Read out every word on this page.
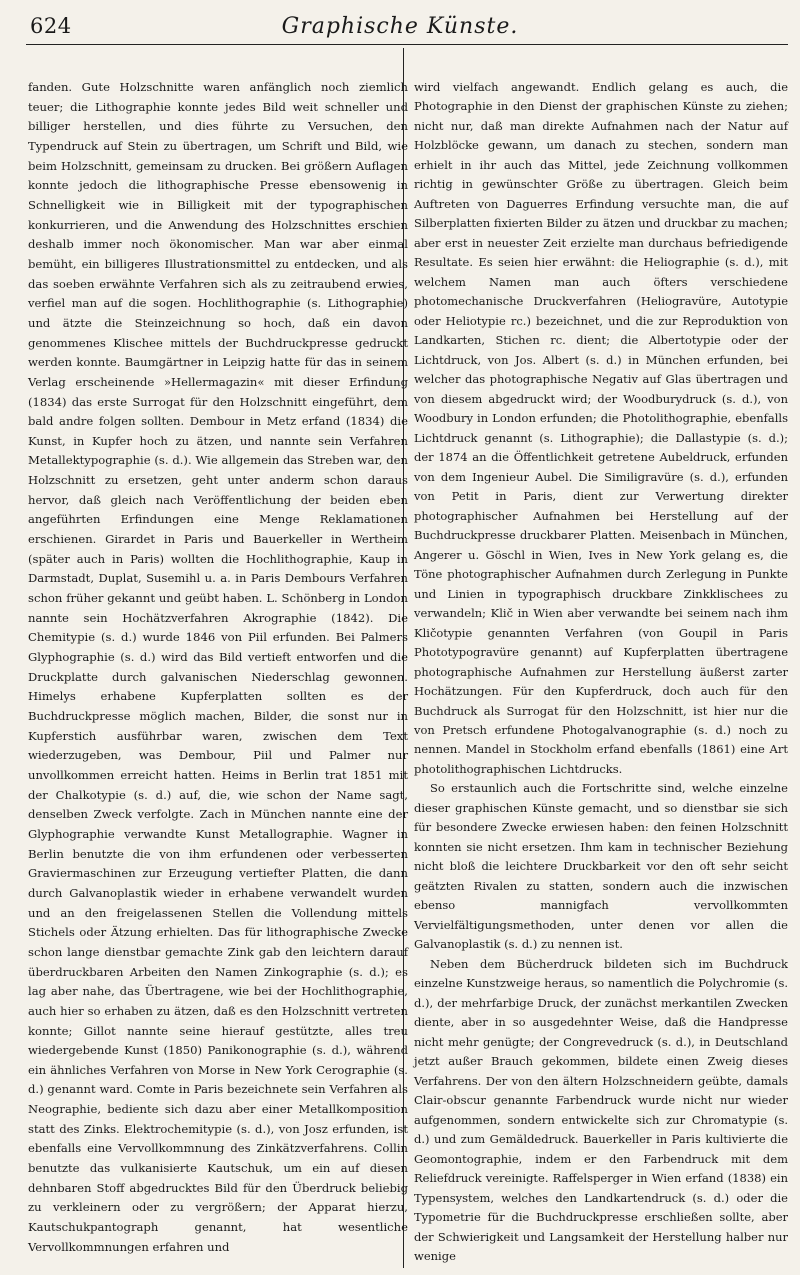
624	Graphische Künste.

fanden. Gute Holzschnitte waren anfänglich noch ziemlich teuer; die Lithographie konnte jedes Bild weit schneller und billiger herstellen, und dies führte zu Versuchen, den Typendruck auf Stein zu übertragen, um Schrift und Bild, wie beim Holzschnitt, gemeinsam zu drucken. Bei größern Auflagen konnte jedoch die lithographische Presse ebensowenig in Schnelligkeit wie in Billigkeit mit der typographischen konkurrieren, und die Anwendung des Holzschnittes erschien deshalb immer noch ökonomischer. Man war aber einmal bemüht, ein billigeres Illustrationsmittel zu entdecken, und als das soeben erwähnte Verfahren sich als zu zeitraubend erwies, verfiel man auf die sogen. Hochlithographie (s. Lithographie) und ätzte die Steinzeichnung so hoch, daß ein davon genommenes Klischee mittels der Buchdruckpresse gedruckt werden konnte. Baumgärtner in Leipzig hatte für das in seinem Verlag erscheinende »Hellermagazin« mit dieser Erfindung (1834) das erste Surrogat für den Holzschnitt eingeführt, dem bald andre folgen sollten. Dembour in Metz erfand (1834) die Kunst, in Kupfer hoch zu ätzen, und nannte sein Verfahren Metallektypographie (s. d.). Wie allgemein das Streben war, den Holzschnitt zu ersetzen, geht unter anderm schon daraus hervor, daß gleich nach Veröffentlichung der beiden eben angeführten Erfindungen eine Menge Reklamationen erschienen. Girardet in Paris und Bauerkeller in Wertheim (später auch in Paris) wollten die Hochlithographie, Kaup in Darmstadt, Duplat, Susemihl u. a. in Paris Dembours Verfahren schon früher gekannt und geübt haben. L. Schönberg in London nannte sein Hochätzverfahren Akrographie (1842). Die Chemitypie (s. d.) wurde 1846 von Piil erfunden. Bei Palmers Glyphographie (s. d.) wird das Bild vertieft entworfen und die Druckplatte durch galvanischen Niederschlag gewonnen. Himelys erhabene Kupferplatten sollten es der Buchdruckpresse möglich machen, Bilder, die sonst nur in Kupferstich ausführbar waren, zwischen dem Text wiederzugeben, was Dembour, Piil und Palmer nur unvollkommen erreicht hatten. Heims in Berlin trat 1851 mit der Chalkotypie (s. d.) auf, die, wie schon der Name sagt, denselben Zweck verfolgte. Zach in München nannte eine der Glyphographie verwandte Kunst Metallographie. Wagner in Berlin benutzte die von ihm erfundenen oder verbesserten Graviermaschinen zur Erzeugung vertiefter Platten, die dann durch Galvanoplastik wieder in erhabene verwandelt wurden und an den freigelassenen Stellen die Vollendung mittels Stichels oder Ätzung erhielten. Das für lithographische Zwecke schon lange dienstbar gemachte Zink gab den leichtern darauf überdruckbaren Arbeiten den Namen Zinkographie (s. d.); es lag aber nahe, das Übertragene, wie bei der Hochlithographie, auch hier so erhaben zu ätzen, daß es den Holzschnitt vertreten konnte; Gillot nannte seine hierauf gestützte, alles treu wiedergebende Kunst (1850) Panikonographie (s. d.), während ein ähnliches Verfahren von Morse in New York Cerographie (s. d.) genannt ward. Comte in Paris bezeichnete sein Verfahren als Neographie, bediente sich dazu aber einer Metallkomposition statt des Zinks. Elektrochemitypie (s. d.), von Josz erfunden, ist ebenfalls eine Vervollkommnung des Zinkätzverfahrens. Collin benutzte das vulkanisierte Kautschuk, um ein auf diesen dehnbaren Stoff abgedrucktes Bild für den Überdruck beliebig zu verkleinern oder zu vergrößern; der Apparat hierzu, Kautschukpantograph genannt, hat wesentliche Vervollkommnungen erfahren und

wird vielfach angewandt. Endlich gelang es auch, die Photographie in den Dienst der graphischen Künste zu ziehen; nicht nur, daß man direkte Aufnahmen nach der Natur auf Holzblöcke gewann, um danach zu stechen, sondern man erhielt in ihr auch das Mittel, jede Zeichnung vollkommen richtig in gewünschter Größe zu übertragen. Gleich beim Auftreten von Daguerres Erfindung versuchte man, die auf Silberplatten fixierten Bilder zu ätzen und druckbar zu machen; aber erst in neuester Zeit erzielte man durchaus befriedigende Resultate. Es seien hier erwähnt: die Heliographie (s. d.), mit welchem Namen man auch öfters verschiedene photomechanische Druckverfahren (Heliogravüre, Autotypie oder Heliotypie rc.) bezeichnet, und die zur Reproduktion von Landkarten, Stichen rc. dient; die Albertotypie oder der Lichtdruck, von Jos. Albert (s. d.) in München erfunden, bei welcher das photographische Negativ auf Glas übertragen und von diesem abgedruckt wird; der Woodburydruck (s. d.), von Woodbury in London erfunden; die Photolithographie, ebenfalls Lichtdruck genannt (s. Lithographie); die Dallastypie (s. d.); der 1874 an die Öffentlichkeit getretene Aubeldruck, erfunden von dem Ingenieur Aubel. Die Similigravüre (s. d.), erfunden von Petit in Paris, dient zur Verwertung direkter photographischer Aufnahmen bei Herstellung auf der Buchdruckpresse druckbarer Platten. Meisenbach in München, Angerer u. Göschl in Wien, Ives in New York gelang es, die Töne photographischer Aufnahmen durch Zerlegung in Punkte und Linien in typographisch druckbare Zinkklischees zu verwandeln; Klič in Wien aber verwandte bei seinem nach ihm Kličotypie genannten Verfahren (von Goupil in Paris Phototypogravüre genannt) auf Kupferplatten übertragene photographische Aufnahmen zur Herstellung äußerst zarter Hochätzungen. Für den Kupferdruck, doch auch für den Buchdruck als Surrogat für den Holzschnitt, ist hier nur die von Pretsch erfundene Photogalvanographie (s. d.) noch zu nennen. Mandel in Stockholm erfand ebenfalls (1861) eine Art photolithographischen Lichtdrucks.

So erstaunlich auch die Fortschritte sind, welche einzelne dieser graphischen Künste gemacht, und so dienstbar sie sich für besondere Zwecke erwiesen haben: den feinen Holzschnitt konnten sie nicht ersetzen. Ihm kam in technischer Beziehung nicht bloß die leichtere Druckbarkeit vor den oft sehr seicht geätzten Rivalen zu statten, sondern auch die inzwischen ebenso mannigfach vervollkommten Vervielfältigungsmethoden, unter denen vor allen die Galvanoplastik (s. d.) zu nennen ist.

Neben dem Bücherdruck bildeten sich im Buchdruck einzelne Kunstzweige heraus, so namentlich die Polychromie (s. d.), der mehrfarbige Druck, der zunächst merkantilen Zwecken diente, aber in so ausgedehnter Weise, daß die Handpresse nicht mehr genügte; der Congrevedruck (s. d.), in Deutschland jetzt außer Brauch gekommen, bildete einen Zweig dieses Verfahrens. Der von den ältern Holzschneidern geübte, damals Clair-obscur genannte Farbendruck wurde nicht nur wieder aufgenommen, sondern entwickelte sich zur Chromatypie (s. d.) und zum Gemäldedruck. Bauerkeller in Paris kultivierte die Geomontographie, indem er den Farbendruck mit dem Reliefdruck vereinigte. Raffelsperger in Wien erfand (1838) ein Typensystem, welches den Landkartendruck (s. d.) oder die Typometrie für die Buchdruckpresse erschließen sollte, aber der Schwierigkeit und Langsamkeit der Herstellung halber nur wenige
